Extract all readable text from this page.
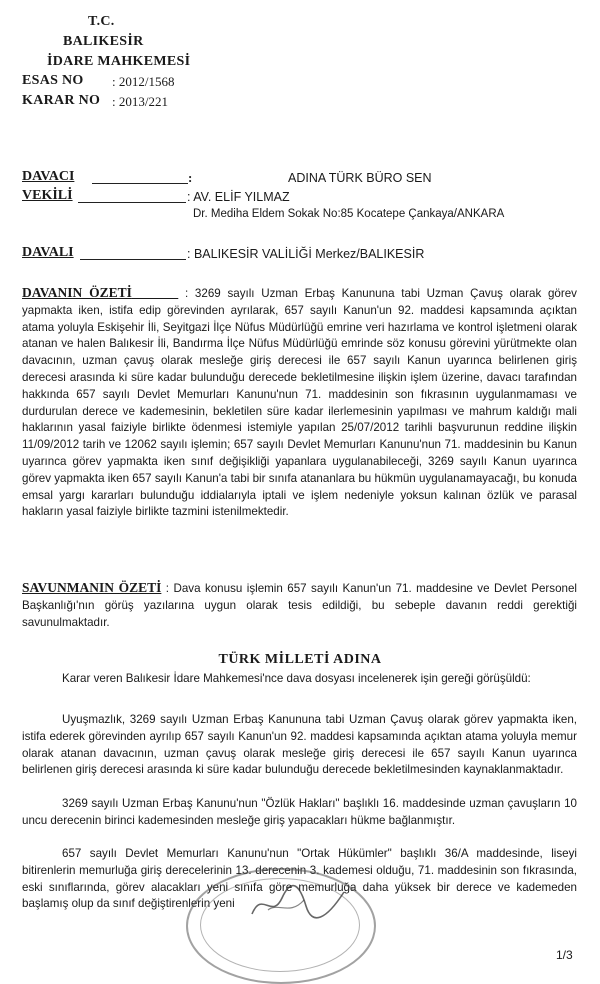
T.C.
BALIKESİR
İDARE MAHKEMESİ
ESAS NO : 2012/1568
KARAR NO : 2013/221
DAVACI	:	ADINA TÜRK BÜRO SEN
VEKİLİ	: AV. ELİF YILMAZ
Dr. Mediha Eldem Sokak No:85 Kocatepe Çankaya/ANKARA
DAVALI	: BALIKESİR VALİLİĞİ Merkez/BALIKESİR
DAVANIN ÖZETİ    	: 3269 sayılı Uzman Erbaş Kanununa tabi Uzman Çavuş olarak görev yapmakta iken, istifa edip görevinden ayrılarak, 657 sayılı Kanun'un 92. maddesi kapsamında açıktan atama yoluyla Eskişehir İli, Seyitgazi İlçe Nüfus Müdürlüğü emrine veri hazırlama ve kontrol işletmeni olarak atanan ve halen Balıkesir İli, Bandırma İlçe Nüfus Müdürlüğü emrinde söz konusu görevini yürütmekte olan davacının, uzman çavuş olarak mesleğe giriş derecesi ile 657 sayılı Kanun uyarınca belirlenen giriş derecesi arasında ki süre kadar bulunduğu derecede bekletilmesine ilişkin işlem üzerine, davacı tarafından hakkında 657 sayılı Devlet Memurları Kanunu'nun 71. maddesinin son fıkrasının uygulanmaması ve durdurulan derece ve kademesinin, bekletilen süre kadar ilerlemesinin yapılması ve mahrum kaldığı mali haklarının yasal faiziyle birlikte ödenmesi istemiyle yapılan 25/07/2012 tarihli başvurunun reddine ilişkin 11/09/2012 tarih ve 12062 sayılı işlemin; 657 sayılı Devlet Memurları Kanunu'nun 71. maddesinin bu Kanun uyarınca görev yapmakta iken sınıf değişikliği yapanlara uygulanabileceği, 3269 sayılı Kanun uyarınca görev yapmakta iken 657 sayılı Kanun'a tabi bir sınıfa atananlara bu hükmün uygulanamayacağı, bu konuda emsal yargı kararları bulunduğu iddialarıyla iptali ve işlem nedeniyle yoksun kalınan özlük ve parasal hakların yasal faiziyle birlikte tazmini istenilmektedir.
SAVUNMANIN ÖZETİ : Dava konusu işlemin 657 sayılı Kanun'un 71. maddesine ve Devlet Personel Başkanlığı'nın görüş yazılarına uygun olarak tesis edildiği, bu sebeple davanın reddi gerektiği savunulmaktadır.
TÜRK MİLLETİ ADINA
Karar veren Balıkesir İdare Mahkemesi'nce dava dosyası incelenerek işin gereği görüşüldü:
Uyuşmazlık, 3269 sayılı Uzman Erbaş Kanununa tabi Uzman Çavuş olarak görev yapmakta iken, istifa ederek görevinden ayrılıp 657 sayılı Kanun'un 92. maddesi kapsamında açıktan atama yoluyla memur olarak atanan davacının, uzman çavuş olarak mesleğe giriş derecesi ile 657 sayılı Kanun uyarınca belirlenen giriş derecesi arasında ki süre kadar bulunduğu derecede bekletilmesinden kaynaklanmaktadır.
3269 sayılı Uzman Erbaş Kanunu'nun "Özlük Hakları" başlıklı 16. maddesinde uzman çavuşların 10 uncu derecenin birinci kademesinden mesleğe giriş yapacakları hükme bağlanmıştır.
657 sayılı Devlet Memurları Kanunu'nun "Ortak Hükümler" başlıklı 36/A maddesinde, liseyi bitirenlerin memurluğa giriş derecelerinin 13. derecenin 3. kademesi olduğu, 71. maddesinin son fıkrasında, eski sınıflarında, görev alacakları yeni sınıfa göre memurluğa daha yüksek bir derece ve kademeden başlamış olup da sınıf değiştirenlerin yeni
1/3
